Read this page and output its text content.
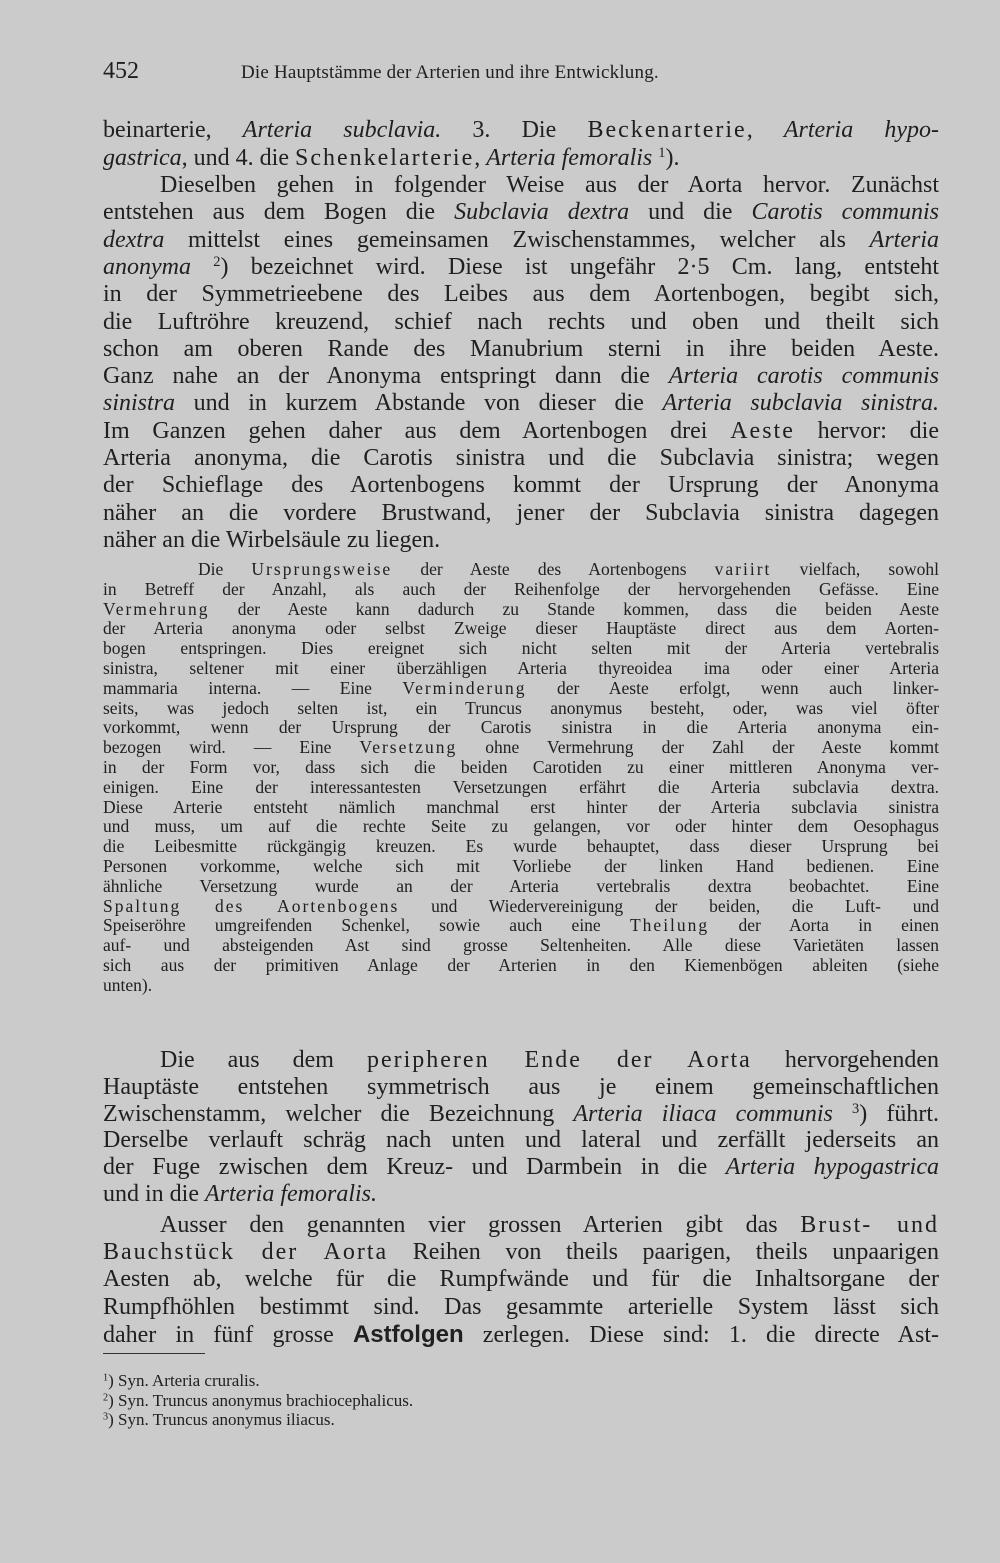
452	Die Hauptstämme der Arterien und ihre Entwicklung.
beinarterie, Arteria subclavia. 3. Die Beckenarterie, Arteria hypo-
gastrica, und 4. die Schenkelarterie, Arteria femoralis $^1$).
Dieselben gehen in folgender Weise aus der Aorta hervor. Zunächst
entstehen aus dem Bogen die Subclavia dextra und die Carotis communis
dextra mittelst eines gemeinsamen Zwischenstammes, welcher als Arteria
anonyma $^2$) bezeichnet wird. Diese ist ungefähr 2·5 Cm. lang, entsteht
in der Symmetrieebene des Leibes aus dem Aortenbogen, begibt sich,
die Luftröhre kreuzend, schief nach rechts und oben und theilt sich
schon am oberen Rande des Manubrium sterni in ihre beiden Aeste.
Ganz nahe an der Anonyma entspringt dann die Arteria carotis communis
sinistra und in kurzem Abstande von dieser die Arteria subclavia sinistra.
Im Ganzen gehen daher aus dem Aortenbogen drei Aeste hervor: die
Arteria anonyma, die Carotis sinistra und die Subclavia sinistra; wegen
der Schieflage des Aortenbogens kommt der Ursprung der Anonyma
näher an die vordere Brustwand, jener der Subclavia sinistra dagegen
näher an die Wirbelsäule zu liegen.
Die Ursprungsweise der Aeste des Aortenbogens variirt vielfach, sowohl
in Betreff der Anzahl, als auch der Reihenfolge der hervorgehenden Gefässe. Eine
Vermehrung der Aeste kann dadurch zu Stande kommen, dass die beiden Aeste
der Arteria anonyma oder selbst Zweige dieser Hauptäste direct aus dem Aorten-
bogen entspringen. Dies ereignet sich nicht selten mit der Arteria vertebralis
sinistra, seltener mit einer überzähligen Arteria thyreoidea ima oder einer Arteria
mammaria interna. — Eine Verminderung der Aeste erfolgt, wenn auch linker-
seits, was jedoch selten ist, ein Truncus anonymus besteht, oder, was viel öfter
vorkommt, wenn der Ursprung der Carotis sinistra in die Arteria anonyma ein-
bezogen wird. — Eine Versetzung ohne Vermehrung der Zahl der Aeste kommt
in der Form vor, dass sich die beiden Carotiden zu einer mittleren Anonyma ver-
einigen. Eine der interessantesten Versetzungen erfährt die Arteria subclavia dextra.
Diese Arterie entsteht nämlich manchmal erst hinter der Arteria subclavia sinistra
und muss, um auf die rechte Seite zu gelangen, vor oder hinter dem Oesophagus
die Leibesmitte rückgängig kreuzen. Es wurde behauptet, dass dieser Ursprung bei
Personen vorkomme, welche sich mit Vorliebe der linken Hand bedienen. Eine
ähnliche Versetzung wurde an der Arteria vertebralis dextra beobachtet. Eine
Spaltung des Aortenbogens und Wiedervereinigung der beiden, die Luft- und
Speiseröhre umgreifenden Schenkel, sowie auch eine Theilung der Aorta in einen
auf- und absteigenden Ast sind grosse Seltenheiten. Alle diese Varietäten lassen
sich aus der primitiven Anlage der Arterien in den Kiemenbögen ableiten (siehe
unten).
Die aus dem peripheren Ende der Aorta hervorgehenden
Hauptäste entstehen symmetrisch aus je einem gemeinschaftlichen
Zwischenstamm, welcher die Bezeichnung Arteria iliaca communis $^3$) führt.
Derselbe verlauft schräg nach unten und lateral und zerfällt jederseits an
der Fuge zwischen dem Kreuz- und Darmbein in die Arteria hypogastrica
und in die Arteria femoralis.
Ausser den genannten vier grossen Arterien gibt das Brust- und
Bauchstück der Aorta Reihen von theils paarigen, theils unpaarigen
Aesten ab, welche für die Rumpfwände und für die Inhaltsorgane der
Rumpfhöhlen bestimmt sind. Das gesammte arterielle System lässt sich
daher in fünf grosse Astfolgen zerlegen. Diese sind: 1. die directe Ast-
$^1$) Syn. Arteria cruralis.
$^2$) Syn. Truncus anonymus brachiocephalicus.
$^3$) Syn. Truncus anonymus iliacus.
